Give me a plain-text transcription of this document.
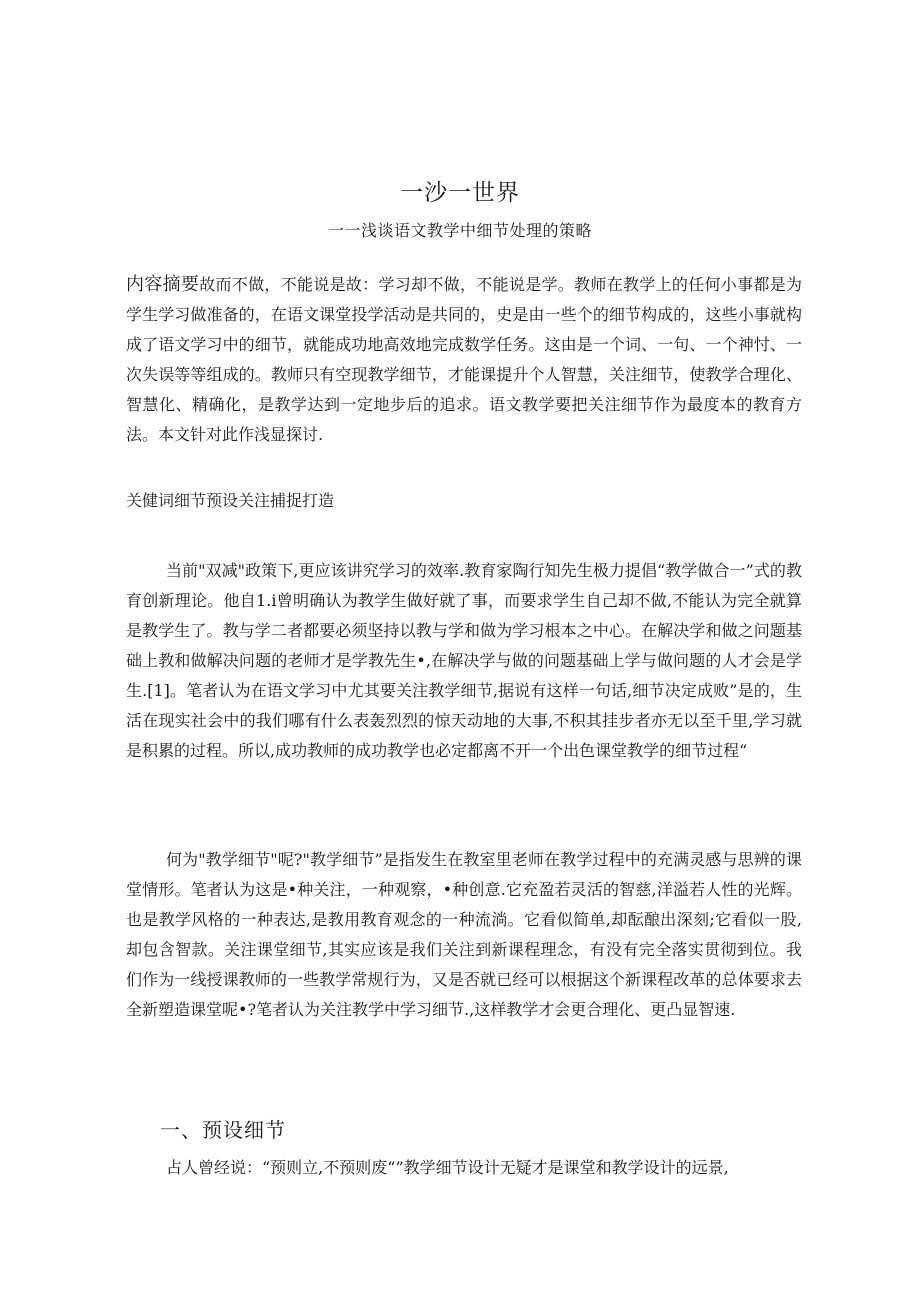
一沙一世界

一一浅谈语文教学中细节处理的策略

内容摘要故而不做，不能说是故：学习却不做，不能说是学。教师在教学上的任何小事都是为学生学习做准备的，在语文课堂投学活动是共同的，史是由一些个的细节构成的，这些小事就构成了语文学习中的细节，就能成功地高效地完成数学任务。这由是一个词、一句、一个神忖、一次失误等等组成的。教师只有空现教学细节，才能课提升个人智慧，关注细节，使教学合理化、智慧化、精确化，是教学达到一定地步后的追求。语文教学要把关注细节作为最度本的教育方法。本文针对此作浅显探讨.

关健词细节预设关注捕捉打造

当前"双减"政策下,更应该讲究学习的效率.教育家陶行知先生极力提倡“教学做合一”式的教育创新理论。他自1.i曾明确认为教学生做好就了事，而要求学生自己却不做,不能认为完全就算是教学生了。教与学二者都要必须坚持以教与学和做为学习根本之中心。在解决学和做之问题基础上教和做解决问题的老师才是学教先生•,在解决学与做的问题基础上学与做问题的人才会是学生.[1]。笔者认为在语文学习中尤其要关注教学细节,据说有这样一句话,细节决定成败”是的，生活在现实社会中的我们哪有什么表轰烈烈的惊天动地的大事,不积其挂步者亦无以至千里,学习就是积累的过程。所以,成功教师的成功教学也必定都离不开一个出色课堂教学的细节过程“

何为"教学细节"呢?"教学细节”是指发生在教室里老师在教学过程中的充满灵感与思辨的课堂情形。笔者认为这是•种关注，一种观察，•种创意.它充盈若灵活的智慈,洋溢若人性的光辉。也是教学风格的一种表达,是教用教育观念的一种流淌。它看似简单,却酝酿出深刻;它看似一股,却包含智款。关注课堂细节,其实应该是我们关注到新课程理念，有没有完全落实贯彻到位。我们作为一线授课教师的一些教学常规行为，又是否就已经可以根据这个新课程改革的总体要求去全新塑造课堂呢•?笔者认为关注教学中学习细节.,这样教学才会更合理化、更凸显智速.

一、预设细节

占人曾经说：“预则立,不预则废“”教学细节设计无疑才是课堂和教学设计的远景,
